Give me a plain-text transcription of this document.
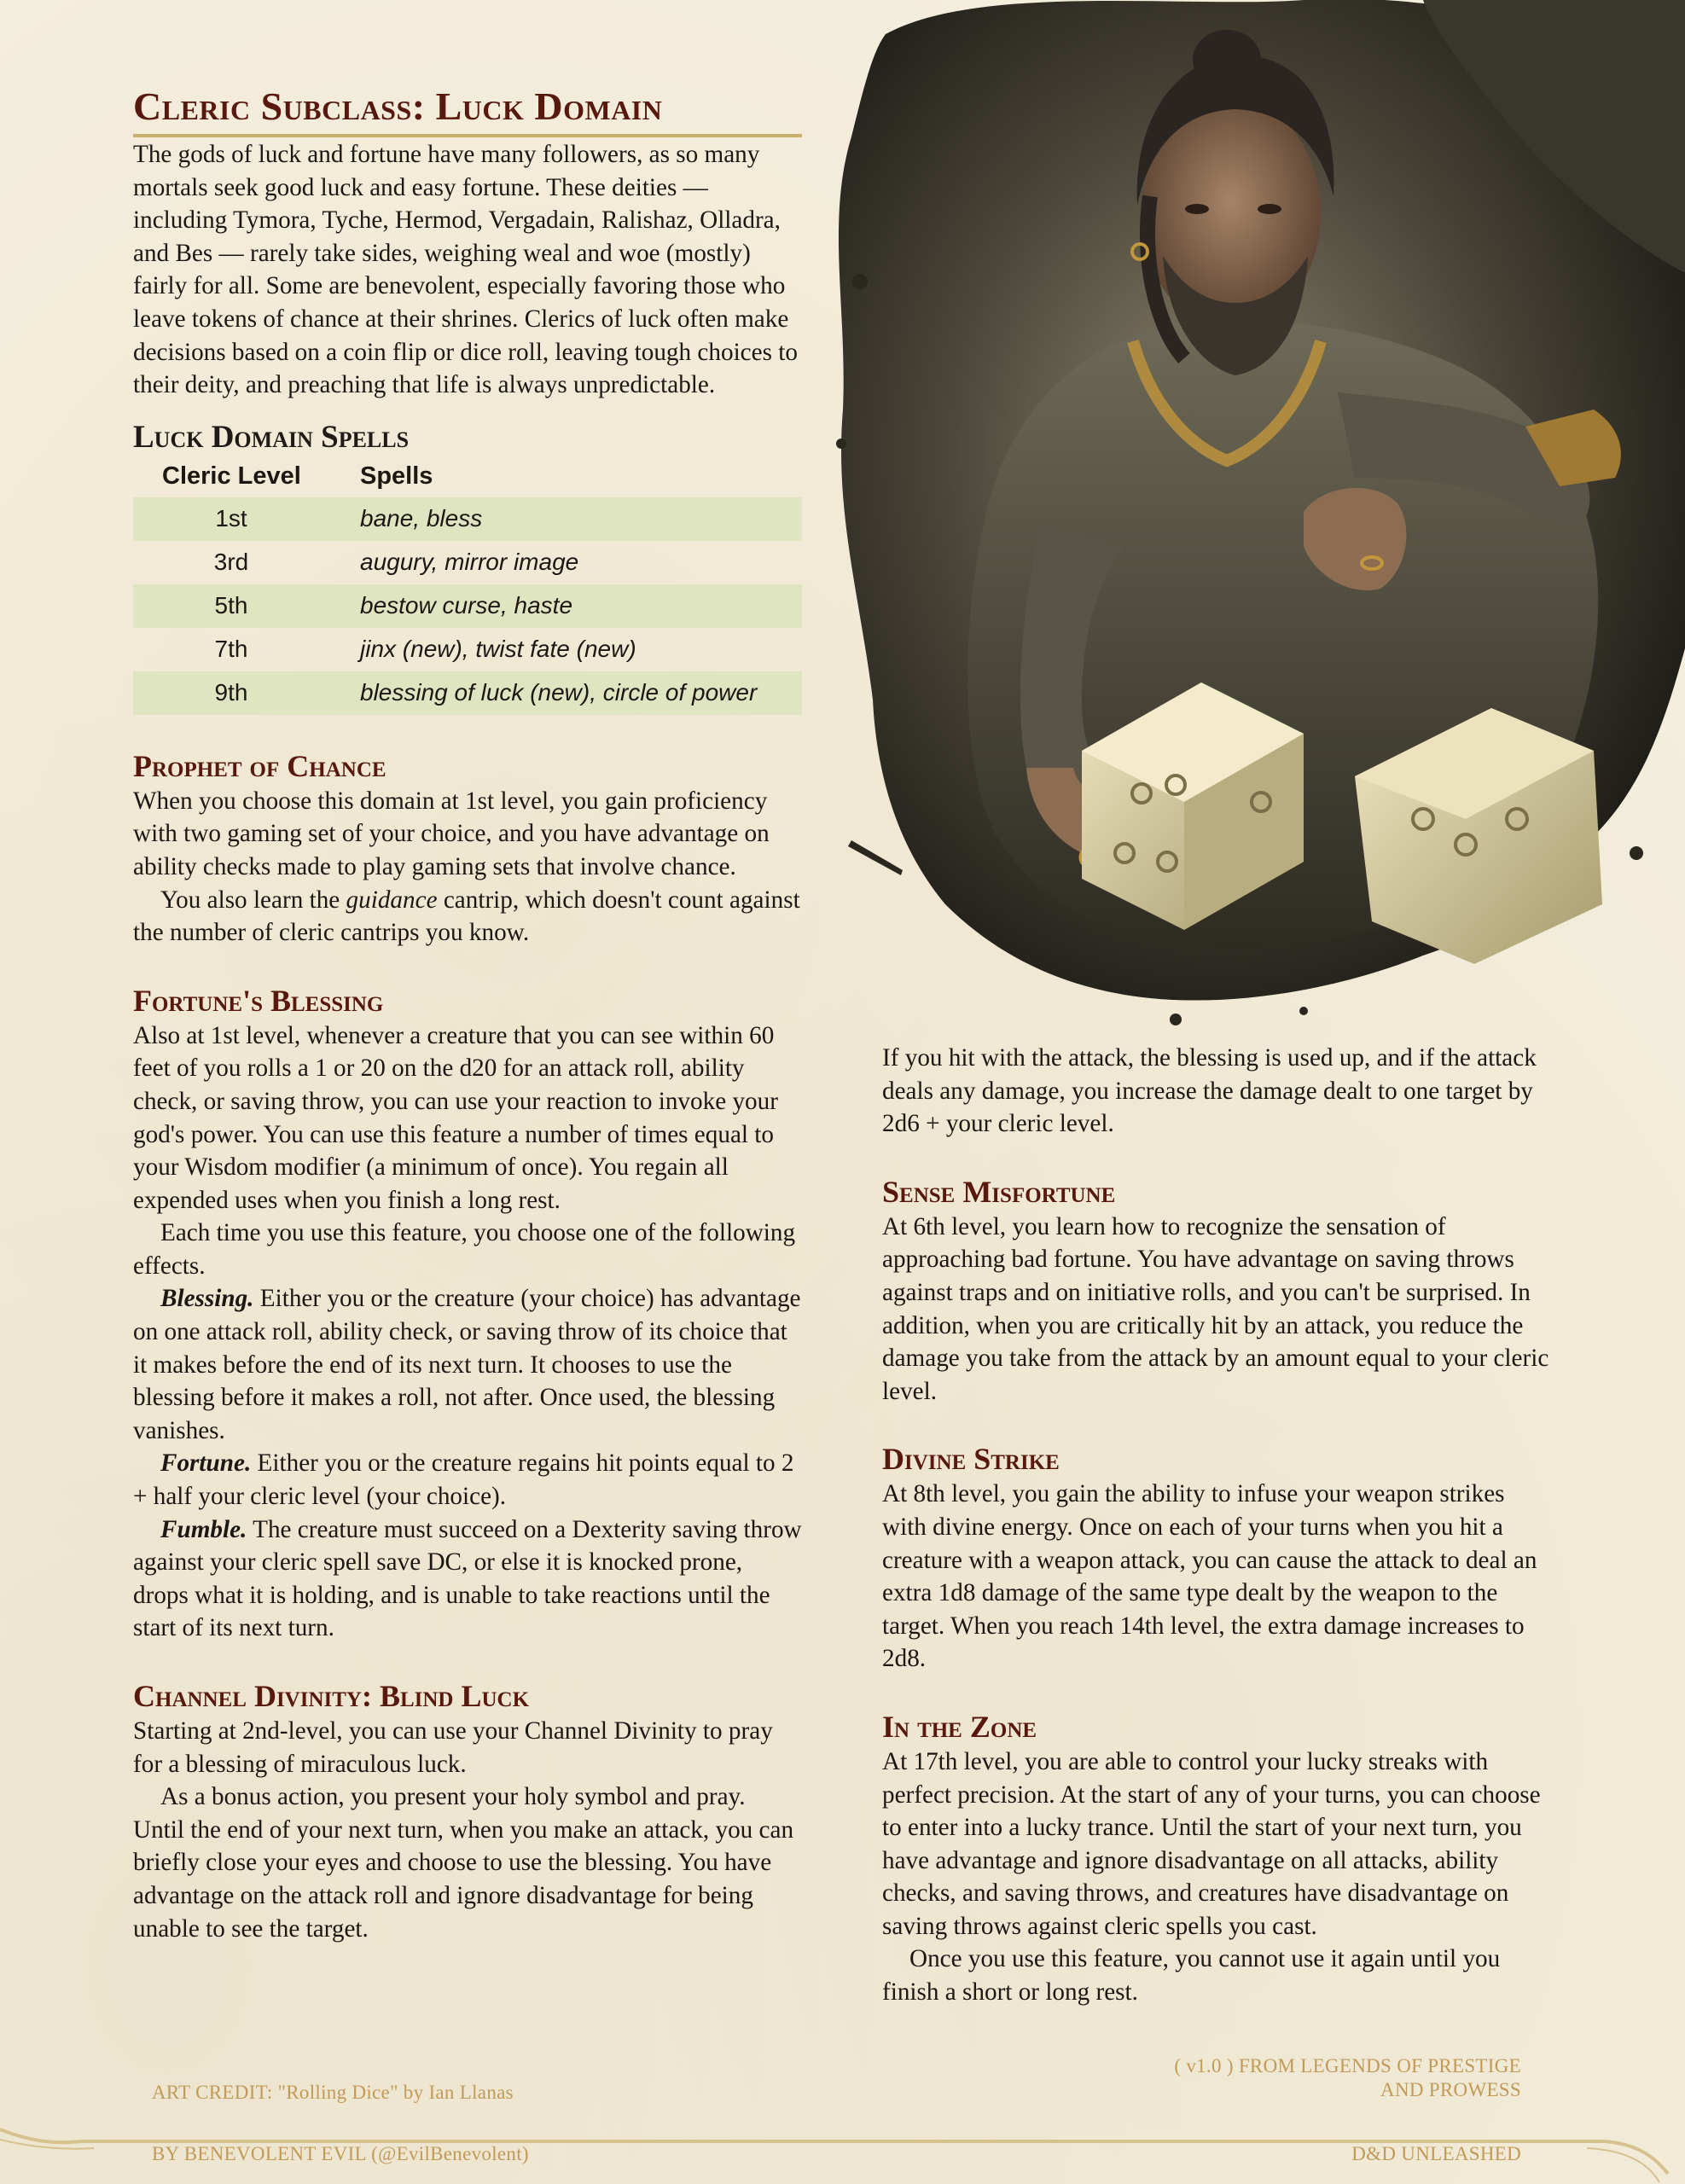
Cleric Subclass: Luck Domain

The gods of luck and fortune have many followers, as so many mortals seek good luck and easy fortune. These deities — including Tymora, Tyche, Hermod, Vergadain, Ralishaz, Olladra, and Bes — rarely take sides, weighing weal and woe (mostly) fairly for all. Some are benevolent, especially favoring those who leave tokens of chance at their shrines. Clerics of luck often make decisions based on a coin flip or dice roll, leaving tough choices to their deity, and preaching that life is always unpredictable.

Luck Domain Spells
Cleric Level	Spells
1st	bane, bless
3rd	augury, mirror image
5th	bestow curse, haste
7th	jinx (new), twist fate (new)
9th	blessing of luck (new), circle of power
Prophet of Chance

When you choose this domain at 1st level, you gain proficiency with two gaming set of your choice, and you have advantage on ability checks made to play gaming sets that involve chance.

You also learn the guidance cantrip, which doesn't count against the number of cleric cantrips you know.

Fortune's Blessing

Also at 1st level, whenever a creature that you can see within 60 feet of you rolls a 1 or 20 on the d20 for an attack roll, ability check, or saving throw, you can use your reaction to invoke your god's power. You can use this feature a number of times equal to your Wisdom modifier (a minimum of once). You regain all expended uses when you finish a long rest.

Each time you use this feature, you choose one of the following effects.

Blessing. Either you or the creature (your choice) has advantage on one attack roll, ability check, or saving throw of its choice that it makes before the end of its next turn. It chooses to use the blessing before it makes a roll, not after. Once used, the blessing vanishes.

Fortune. Either you or the creature regains hit points equal to 2 + half your cleric level (your choice).

Fumble. The creature must succeed on a Dexterity saving throw against your cleric spell save DC, or else it is knocked prone, drops what it is holding, and is unable to take reactions until the start of its next turn.

Channel Divinity: Blind Luck

Starting at 2nd-level, you can use your Channel Divinity to pray for a blessing of miraculous luck.

As a bonus action, you present your holy symbol and pray. Until the end of your next turn, when you make an attack, you can briefly close your eyes and choose to use the blessing. You have advantage on the attack roll and ignore disadvantage for being unable to see the target.

If you hit with the attack, the blessing is used up, and if the attack deals any damage, you increase the damage dealt to one target by 2d6 + your cleric level.

Sense Misfortune

At 6th level, you learn how to recognize the sensation of approaching bad fortune. You have advantage on saving throws against traps and on initiative rolls, and you can't be surprised. In addition, when you are critically hit by an attack, you reduce the damage you take from the attack by an amount equal to your cleric level.

Divine Strike

At 8th level, you gain the ability to infuse your weapon strikes with divine energy. Once on each of your turns when you hit a creature with a weapon attack, you can cause the attack to deal an extra 1d8 damage of the same type dealt by the weapon to the target. When you reach 14th level, the extra damage increases to 2d8.

In the Zone

At 17th level, you are able to control your lucky streaks with perfect precision. At the start of any of your turns, you can choose to enter into a lucky trance. Until the start of your next turn, you have advantage and ignore disadvantage on all attacks, ability checks, and saving throws, and creatures have disadvantage on saving throws against cleric spells you cast.

Once you use this feature, you cannot use it again until you finish a short or long rest.

ART CREDIT: "Rolling Dice" by Ian Llanas
( v1.0 ) FROM LEGENDS OF PRESTIGE
AND PROWESS
BY BENEVOLENT EVIL (@EvilBenevolent)	D&D UNLEASHED
